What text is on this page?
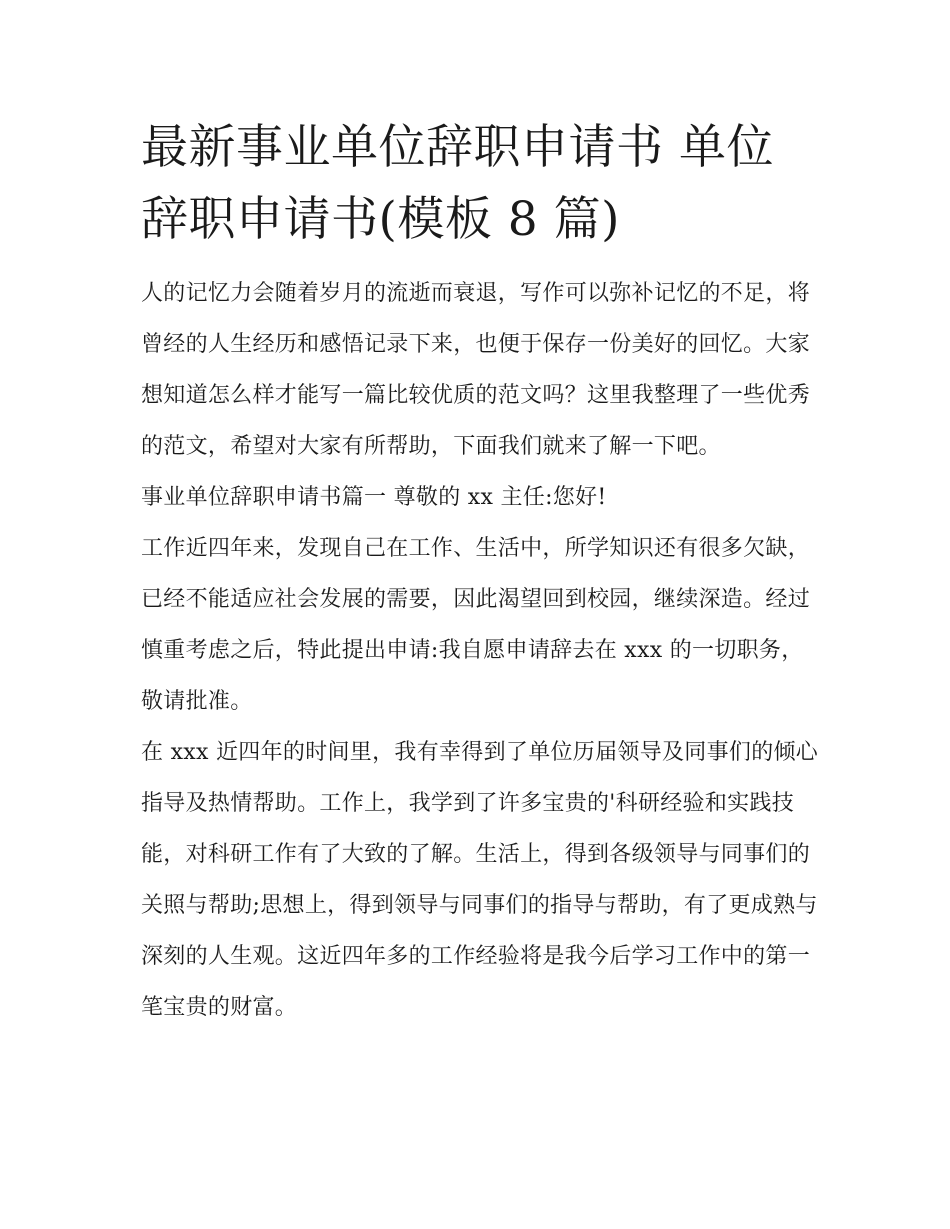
最新事业单位辞职申请书 单位辞职申请书(模板 8 篇)

人的记忆力会随着岁月的流逝而衰退，写作可以弥补记忆的不足，将曾经的人生经历和感悟记录下来，也便于保存一份美好的回忆。大家想知道怎么样才能写一篇比较优质的范文吗？这里我整理了一些优秀的范文，希望对大家有所帮助，下面我们就来了解一下吧。

事业单位辞职申请书篇一 尊敬的 xx 主任:您好!

工作近四年来，发现自己在工作、生活中，所学知识还有很多欠缺，已经不能适应社会发展的需要，因此渴望回到校园，继续深造。经过慎重考虑之后，特此提出申请:我自愿申请辞去在 xxx 的一切职务，敬请批准。

在 xxx 近四年的时间里，我有幸得到了单位历届领导及同事们的倾心指导及热情帮助。工作上，我学到了许多宝贵的'科研经验和实践技能，对科研工作有了大致的了解。生活上，得到各级领导与同事们的关照与帮助;思想上，得到领导与同事们的指导与帮助，有了更成熟与深刻的人生观。这近四年多的工作经验将是我今后学习工作中的第一笔宝贵的财富。
